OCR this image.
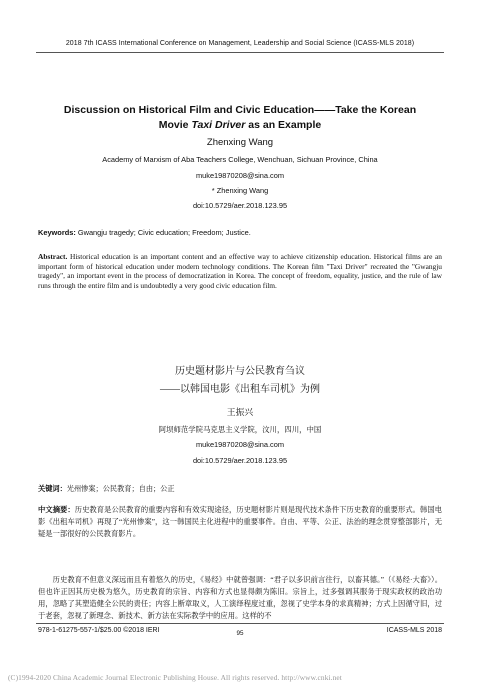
2018 7th ICASS International Conference on Management, Leadership and Social Science (ICASS-MLS 2018)
Discussion on Historical Film and Civic Education——Take the Korean
Movie Taxi Driver as an Example
Zhenxing Wang
Academy of Marxism of Aba Teachers College, Wenchuan, Sichuan Province, China
muke19870208@sina.com
* Zhenxing Wang
doi:10.5729/aer.2018.123.95
Keywords: Gwangju tragedy; Civic education; Freedom; Justice.

Abstract. Historical education is an important content and an effective way to achieve citizenship education. Historical films are an important form of historical education under modern technology conditions. The Korean film "Taxi Driver" recreated the "Gwangju tragedy", an important event in the process of democratization in Korea. The concept of freedom, equality, justice, and the rule of law runs through the entire film and is undoubtedly a very good civic education film.

历史题材影片与公民教育刍议
——以韩国电影《出租车司机》为例
王振兴
阿坝师范学院马克思主义学院，汶川，四川，中国
muke19870208@sina.com
doi:10.5729/aer.2018.123.95
关键词：光州惨案；公民教育；自由；公正

中文摘要：历史教育是公民教育的重要内容和有效实现途径，历史题材影片则是现代技术条件下历史教育的重要形式。韩国电影《出租车司机》再现了“光州惨案”，这一韩国民主化进程中的重要事件。自由、平等、公正、法治的理念贯穿整部影片，无疑是一部很好的公民教育影片。

历史教育不但意义深远而且有着悠久的历史，《易经》中就曾强调：“君子以多识前言往行，以畜其德。”（《易经·大畜》）。但也许正因其历史极为悠久，历史教育的宗旨、内容和方式也显得颇为陈旧。宗旨上，过多强调其服务于现实政权的政治功用，忽略了其塑造健全公民的责任；内容上断章取义，人工演绎程度过重，忽视了史学本身的求真精神；方式上因循守旧，过于老套，忽视了新理念、新技术、新方法在实际教学中的应用。这样的不

978-1-61275-557-1/$25.00 ©2018 IERI	95	ICASS-MLS 2018
(C)1994-2020 China Academic Journal Electronic Publishing House. All rights reserved. http://www.cnki.net
